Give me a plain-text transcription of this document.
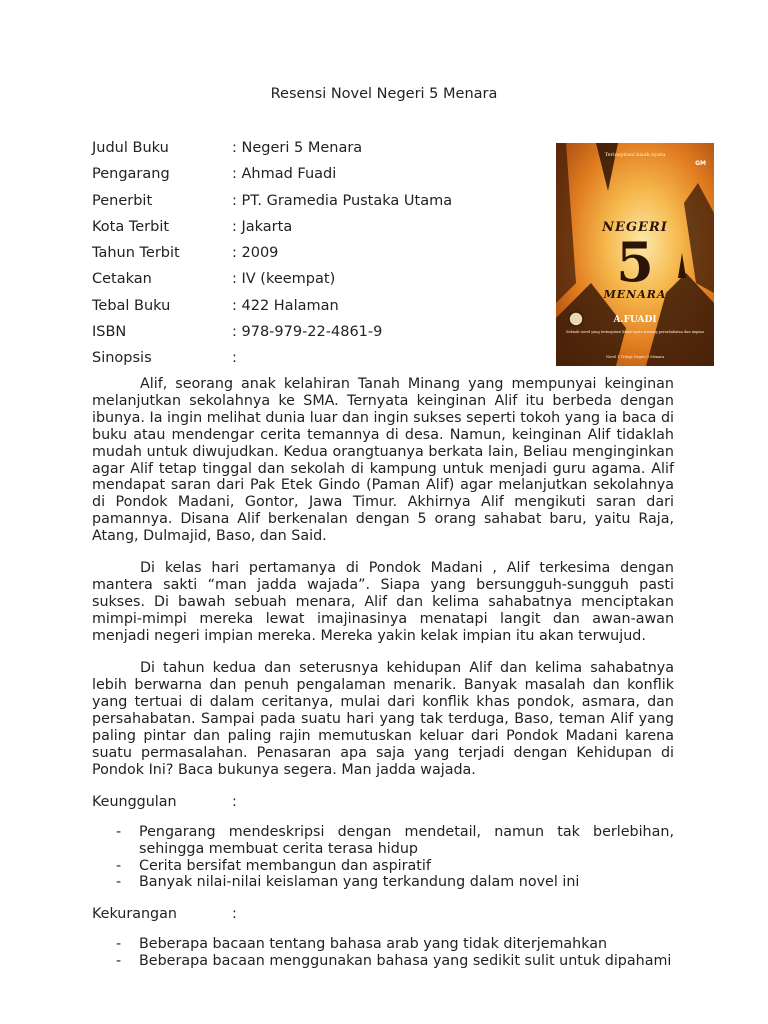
Resensi Novel Negeri 5 Menara
Judul Buku	: Negeri 5 Menara
Pengarang	: Ahmad Fuadi
Penerbit	: PT. Gramedia Pustaka Utama
Kota Terbit	: Jakarta
Tahun Terbit	: 2009
Cetakan	: IV (keempat)
Tebal Buku	: 422 Halaman
ISBN	: 978-979-22-4861-9
Sinopsis	:
Terinspirasi kisah nyata
GM
NEGERI
5
MENARA
A.FUADI
Sebuah novel yang terinspirasi kisah nyata tentang persahabatan dan impian
Novel 1 Trilogi Negeri 5 Menara

Alif, seorang anak kelahiran Tanah Minang yang mempunyai keinginan melanjutkan sekolahnya ke SMA. Ternyata keinginan Alif itu berbeda dengan ibunya. Ia ingin melihat dunia luar dan ingin sukses seperti tokoh yang ia baca di buku atau mendengar cerita temannya di desa. Namun, keinginan Alif tidaklah mudah untuk diwujudkan. Kedua orangtuanya berkata lain, Beliau menginginkan agar Alif tetap tinggal dan sekolah di kampung untuk menjadi guru agama. Alif mendapat saran dari Pak Etek Gindo (Paman Alif) agar melanjutkan sekolahnya di Pondok Madani, Gontor, Jawa Timur. Akhirnya Alif mengikuti saran dari pamannya. Disana Alif berkenalan dengan 5 orang sahabat baru, yaitu Raja, Atang, Dulmajid, Baso, dan Said.

Di kelas hari pertamanya di Pondok Madani , Alif terkesima dengan mantera sakti “man jadda wajada”. Siapa yang bersungguh-sungguh pasti sukses. Di bawah sebuah menara, Alif dan kelima sahabatnya menciptakan mimpi-mimpi mereka lewat imajinasinya menatapi langit dan awan-awan menjadi negeri impian mereka. Mereka yakin kelak impian itu akan terwujud.

Di tahun kedua dan seterusnya kehidupan Alif dan kelima sahabatnya lebih berwarna dan penuh pengalaman menarik. Banyak masalah dan konflik yang tertuai di dalam ceritanya, mulai dari konflik khas pondok, asmara, dan persahabatan. Sampai pada suatu hari yang tak terduga, Baso, teman Alif yang paling pintar dan paling rajin memutuskan keluar dari Pondok Madani karena suatu permasalahan. Penasaran apa saja yang terjadi dengan Kehidupan di Pondok Ini? Baca bukunya segera. Man jadda wajada.

Keunggulan	:
-	Pengarang mendeskripsi dengan mendetail, namun tak berlebihan, sehingga membuat cerita terasa hidup
-	Cerita bersifat membangun dan aspiratif
-	Banyak nilai-nilai keislaman yang terkandung dalam novel ini
Kekurangan	:
-	Beberapa bacaan tentang bahasa arab yang tidak diterjemahkan
-	Beberapa bacaan menggunakan bahasa yang sedikit sulit untuk dipahami
